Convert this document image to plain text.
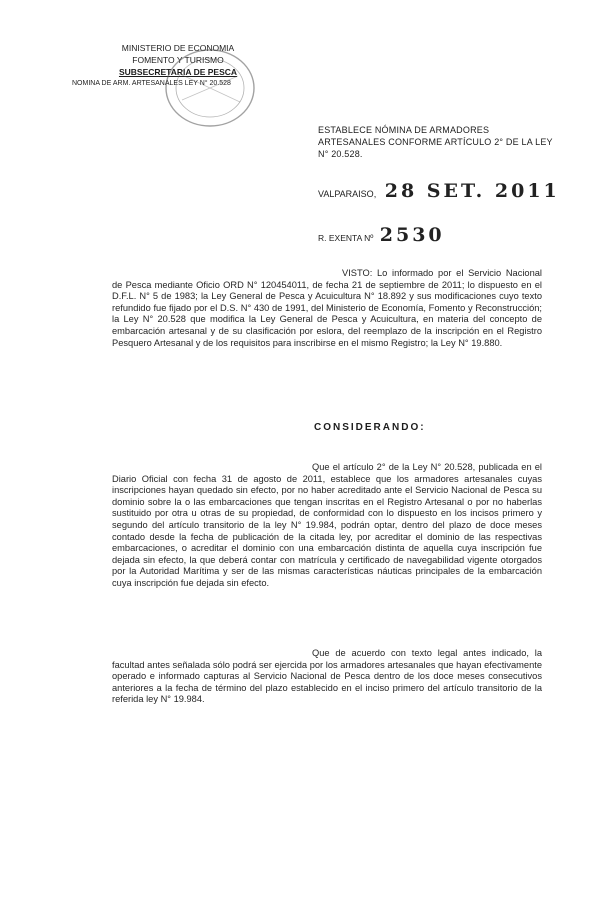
MINISTERIO DE ECONOMIA
FOMENTO Y TURISMO
SUBSECRETARIA DE PESCA
NOMINA DE ARM. ARTESANALES LEY N° 20.528
ESTABLECE NÓMINA DE ARMADORES ARTESANALES CONFORME ARTÍCULO 2° DE LA LEY N° 20.528.
VALPARAISO, 28 SET. 2011
R. EXENTA Nº 2530
VISTO: Lo informado por el Servicio Nacional de Pesca mediante Oficio ORD N° 120454011, de fecha 21 de septiembre de 2011; lo dispuesto en el D.F.L. N° 5 de 1983; la Ley General de Pesca y Acuicultura N° 18.892 y sus modificaciones cuyo texto refundido fue fijado por el D.S. N° 430 de 1991, del Ministerio de Economía, Fomento y Reconstrucción; la Ley N° 20.528 que modifica la Ley General de Pesca y Acuicultura, en materia del concepto de embarcación artesanal y de su clasificación por eslora, del reemplazo de la inscripción en el Registro Pesquero Artesanal y de los requisitos para inscribirse en el mismo Registro; la Ley N° 19.880.
CONSIDERANDO:
Que el artículo 2° de la Ley N° 20.528, publicada en el Diario Oficial con fecha 31 de agosto de 2011, establece que los armadores artesanales cuyas inscripciones hayan quedado sin efecto, por no haber acreditado ante el Servicio Nacional de Pesca su dominio sobre la o las embarcaciones que tengan inscritas en el Registro Artesanal o por no haberlas sustituido por otra u otras de su propiedad, de conformidad con lo dispuesto en los incisos primero y segundo del artículo transitorio de la ley N° 19.984, podrán optar, dentro del plazo de doce meses contado desde la fecha de publicación de la citada ley, por acreditar el dominio de las respectivas embarcaciones, o acreditar el dominio con una embarcación distinta de aquella cuya inscripción fue dejada sin efecto, la que deberá contar con matrícula y certificado de navegabilidad vigente otorgados por la Autoridad Marítima y ser de las mismas características náuticas principales de la embarcación cuya inscripción fue dejada sin efecto.
Que de acuerdo con texto legal antes indicado, la facultad antes señalada sólo podrá ser ejercida por los armadores artesanales que hayan efectivamente operado e informado capturas al Servicio Nacional de Pesca dentro de los doce meses consecutivos anteriores a la fecha de término del plazo establecido en el inciso primero del artículo transitorio de la referida ley N° 19.984.
